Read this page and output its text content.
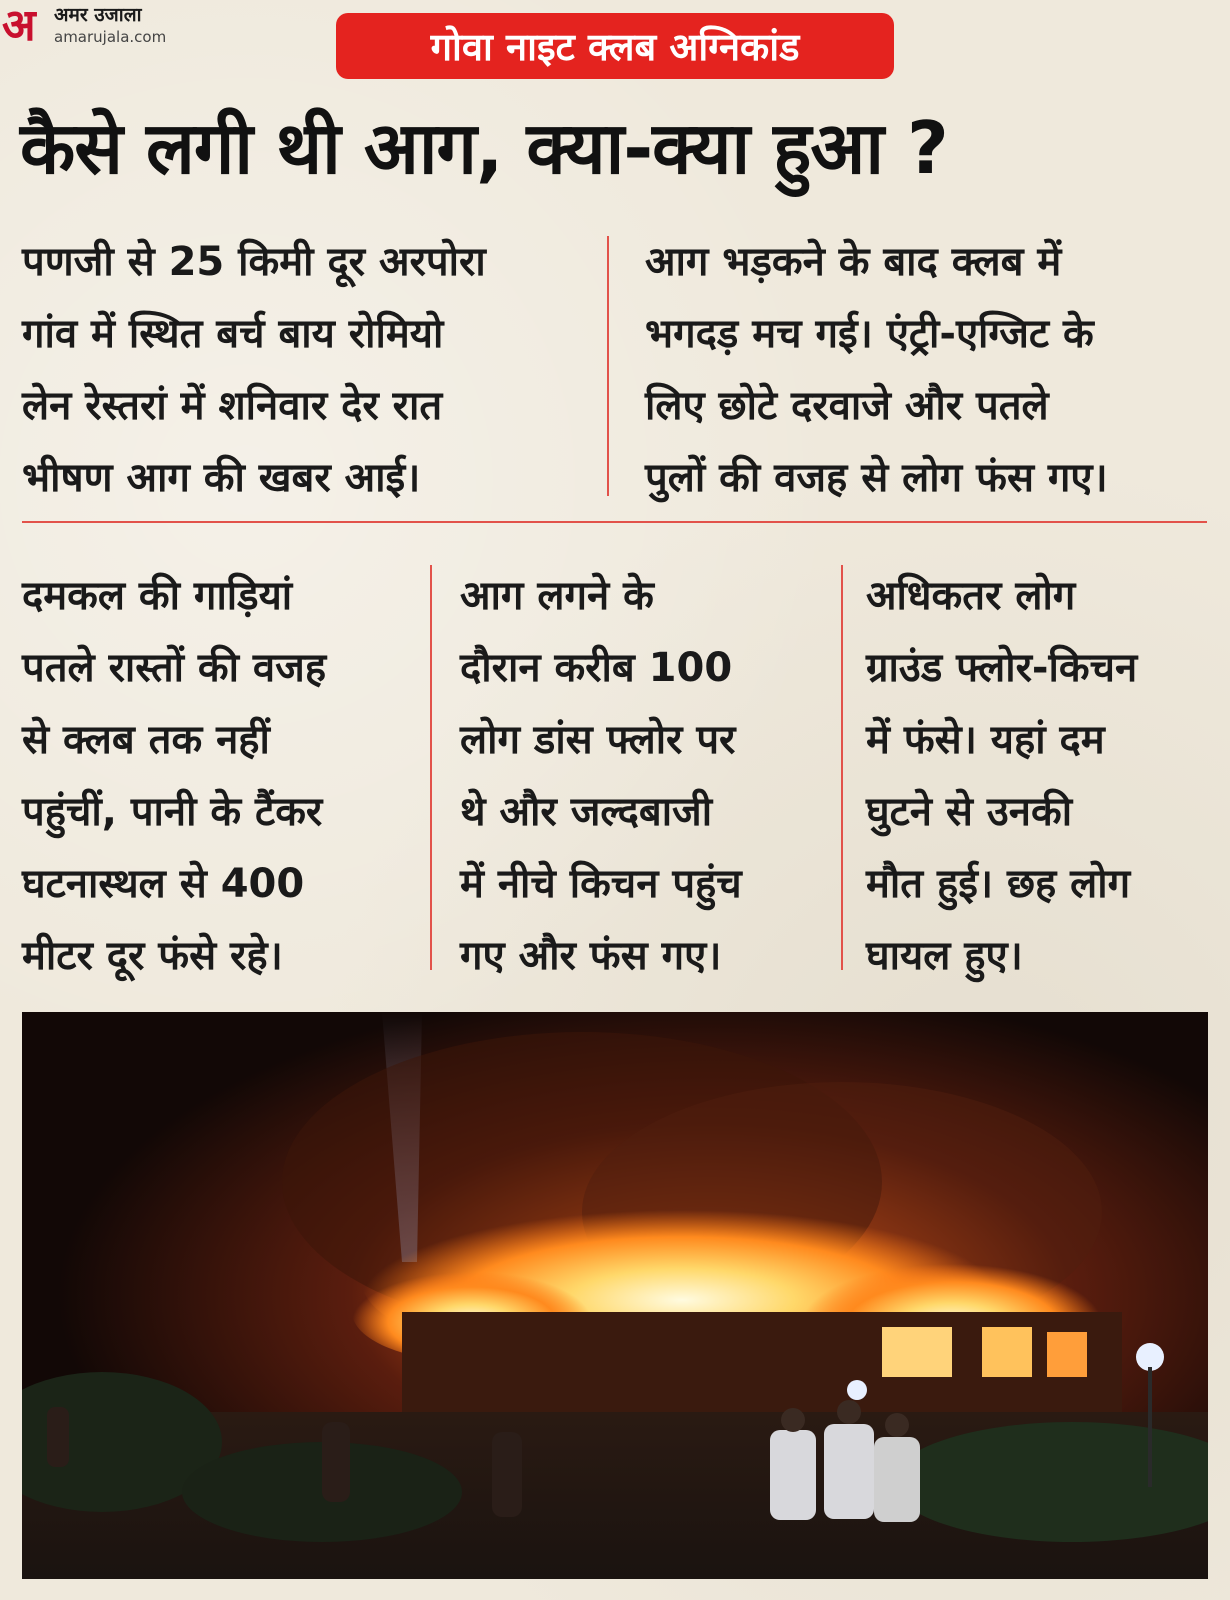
अ अमर उजाला
amarujala.com	गोवा नाइट क्लब अग्निकांड
कैसे लगी थी आग, क्या-क्या हुआ ?
पणजी से 25 किमी दूर अरपोरा
गांव में स्थित बर्च बाय रोमियो
लेन रेस्तरां में शनिवार देर रात
भीषण आग की खबर आई।
आग भड़कने के बाद क्लब में
भगदड़ मच गई। एंट्री-एग्जिट के
लिए छोटे दरवाजे और पतले
पुलों की वजह से लोग फंस गए।
दमकल की गाड़ियां
पतले रास्तों की वजह
से क्लब तक नहीं
पहुंचीं, पानी के टैंकर
घटनास्थल से 400
मीटर दूर फंसे रहे।
आग लगने के
दौरान करीब 100
लोग डांस फ्लोर पर
थे और जल्दबाजी
में नीचे किचन पहुंच
गए और फंस गए।
अधिकतर लोग
ग्राउंड फ्लोर-किचन
में फंसे। यहां दम
घुटने से उनकी
मौत हुई। छह लोग
घायल हुए।
